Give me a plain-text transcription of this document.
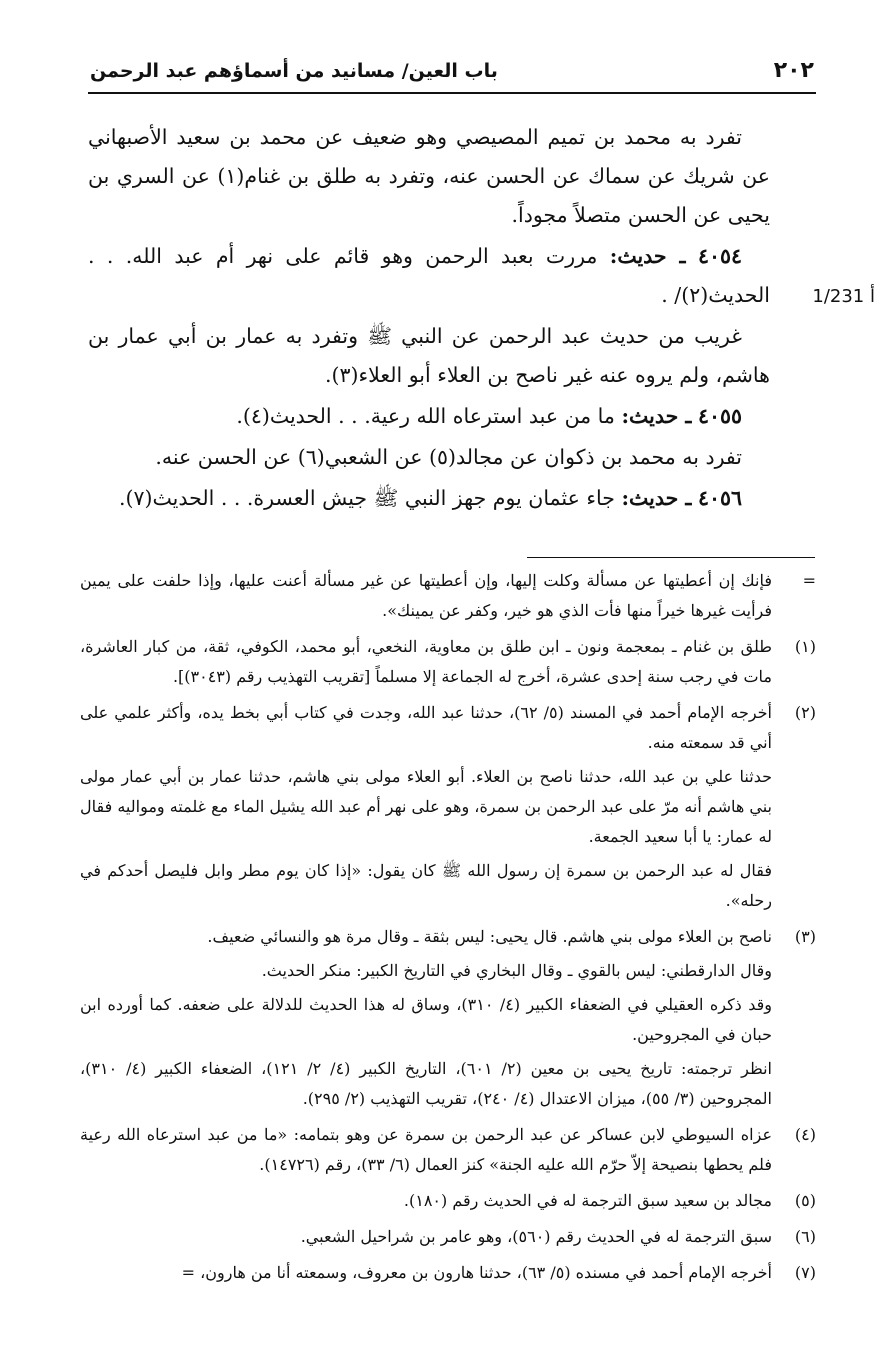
٢٠٢
باب العين/ مسانيد من أسماؤهم عبد الرحمن
1/231 أ

تفرد به محمد بن تميم المصيصي وهو ضعيف عن محمد بن سعيد الأصبهاني عن شريك عن سماك عن الحسن عنه، وتفرد به طلق بن غنام(١) عن السري بن يحيى عن الحسن متصلاً مجوداً.

٤٠٥٤ ـ حديث: مررت بعبد الرحمن وهو قائم على نهر أم عبد الله. . . الحديث(٢)/ .

غريب من حديث عبد الرحمن عن النبي ﷺ وتفرد به عمار بن أبي عمار بن هاشم، ولم يروه عنه غير ناصح بن العلاء أبو العلاء(٣).

٤٠٥٥ ـ حديث: ما من عبد استرعاه الله رعية. . . الحديث(٤).

تفرد به محمد بن ذكوان عن مجالد(٥) عن الشعبي(٦) عن الحسن عنه.

٤٠٥٦ ـ حديث: جاء عثمان يوم جهز النبي ﷺ جيش العسرة. . . الحديث(٧).

=

فإنك إن أعطيتها عن مسألة وكلت إليها، وإن أعطيتها عن غير مسألة أعنت عليها، وإذا حلفت على يمين فرأيت غيرها خيراً منها فأت الذي هو خير، وكفر عن يمينك».

(١)

طلق بن غنام ـ بمعجمة ونون ـ ابن طلق بن معاوية، النخعي، أبو محمد، الكوفي، ثقة، من كبار العاشرة، مات في رجب سنة إحدى عشرة، أخرج له الجماعة إلا مسلماً [تقريب التهذيب رقم (٣٠٤٣)].

(٢)

أخرجه الإمام أحمد في المسند (٥/ ٦٢)، حدثنا عبد الله، وجدت في كتاب أبي بخط يده، وأكثر علمي على أني قد سمعته منه.

حدثنا علي بن عبد الله، حدثنا ناصح بن العلاء. أبو العلاء مولى بني هاشم، حدثنا عمار بن أبي عمار مولى بني هاشم أنه مرّ على عبد الرحمن بن سمرة، وهو على نهر أم عبد الله يشيل الماء مع غلمته ومواليه فقال له عمار: يا أبا سعيد الجمعة.

فقال له عبد الرحمن بن سمرة إن رسول الله ﷺ كان يقول: «إذا كان يوم مطر وابل فليصل أحدكم في رحله».

(٣)

ناصح بن العلاء مولى بني هاشم. قال يحيى: ليس بثقة ـ وقال مرة هو والنسائي ضعيف.

وقال الدارقطني: ليس بالقوي ـ وقال البخاري في التاريخ الكبير: منكر الحديث.

وقد ذكره العقيلي في الضعفاء الكبير (٤/ ٣١٠)، وساق له هذا الحديث للدلالة على ضعفه. كما أورده ابن حبان في المجروحين.

انظر ترجمته: تاريخ يحيى بن معين (٢/ ٦٠١)، التاريخ الكبير (٤/ ٢/ ١٢١)، الضعفاء الكبير (٤/ ٣١٠)، المجروحين (٣/ ٥٥)، ميزان الاعتدال (٤/ ٢٤٠)، تقريب التهذيب (٢/ ٢٩٥).

(٤)

عزاه السيوطي لابن عساكر عن عبد الرحمن بن سمرة عن وهو بتمامه: «ما من عبد استرعاه الله رعية فلم يحطها بنصيحة إلاّ حرّم الله عليه الجنة» كنز العمال (٦/ ٣٣)، رقم (١٤٧٢٦).

(٥)

مجالد بن سعيد سبق الترجمة له في الحديث رقم (١٨٠).

(٦)

سبق الترجمة له في الحديث رقم (٥٦٠)، وهو عامر بن شراحيل الشعبي.

(٧)

أخرجه الإمام أحمد في مسنده (٥/ ٦٣)، حدثنا هارون بن معروف، وسمعته أنا من هارون، =
